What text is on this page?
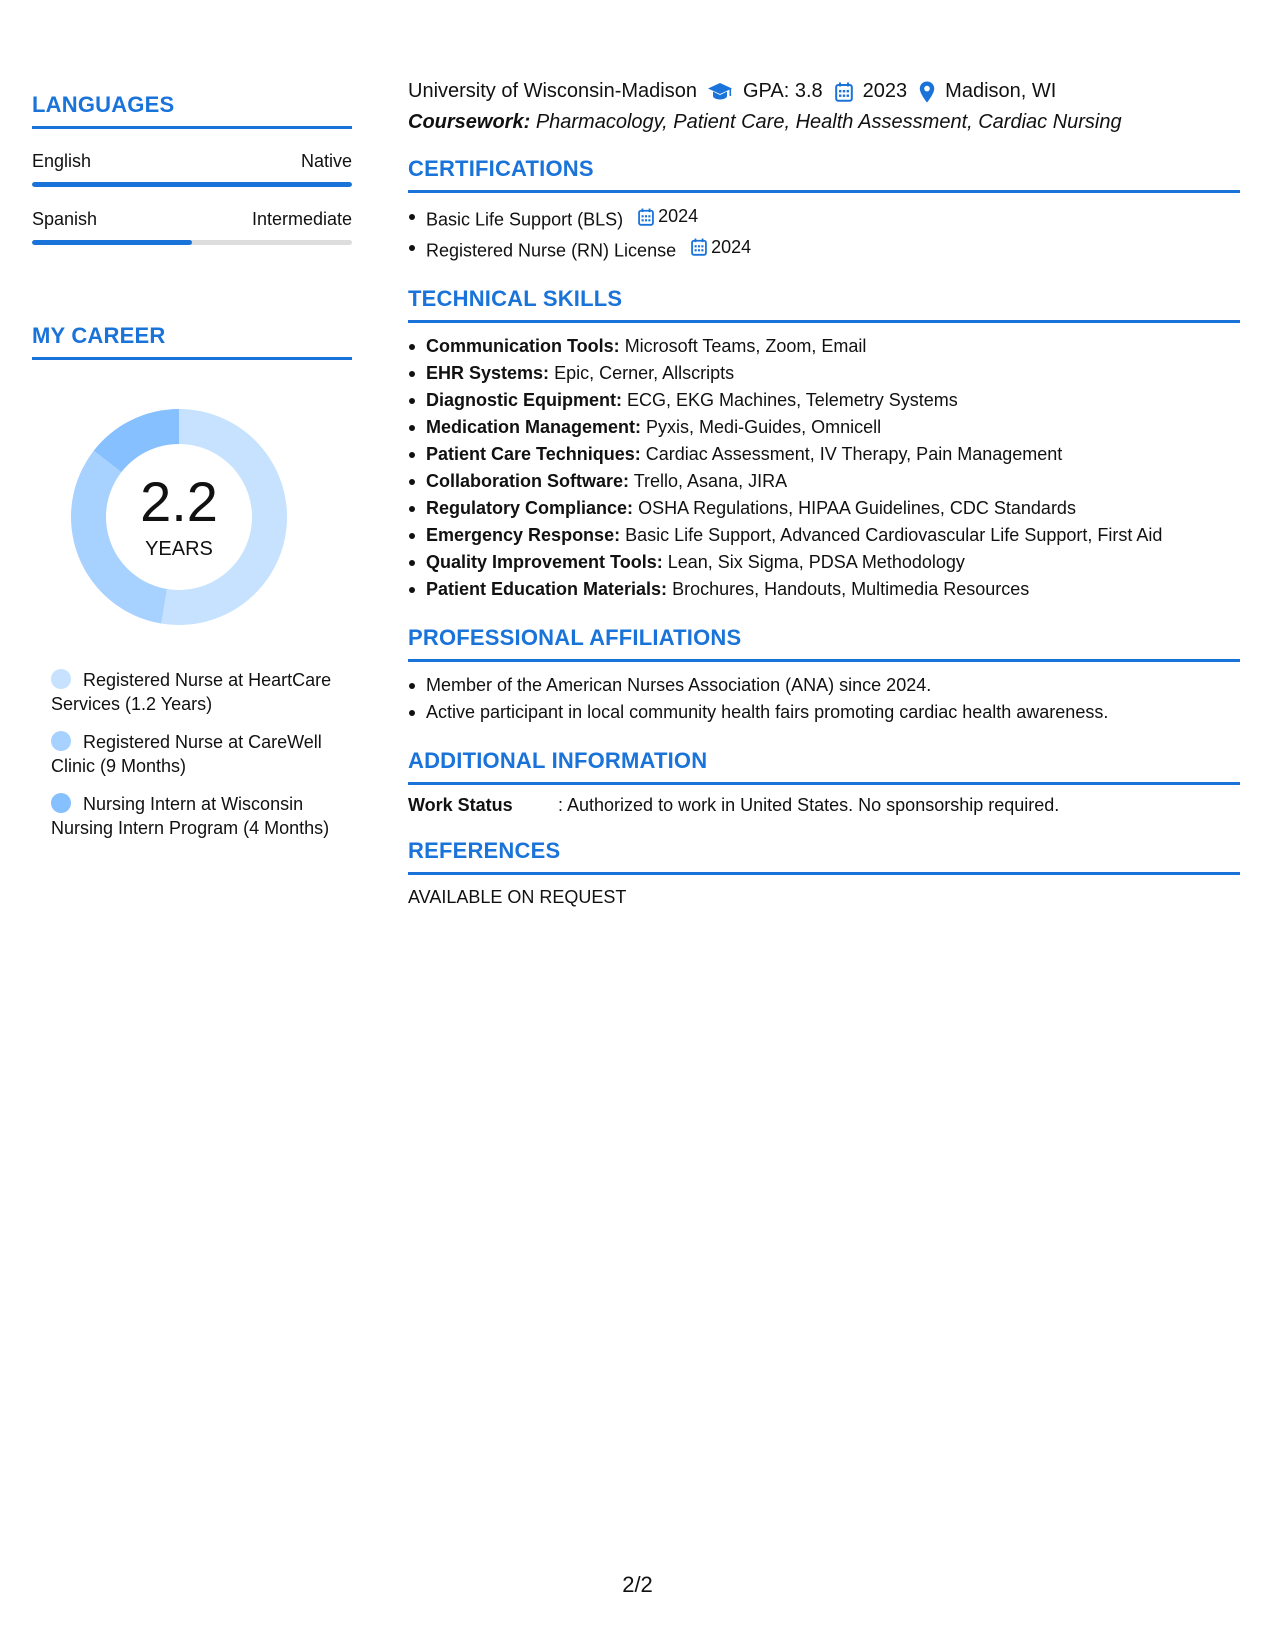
LANGUAGES
English	Native
Spanish	Intermediate
MY CAREER
2.2
YEARS
Registered Nurse at HeartCare Services (1.2 Years)
Registered Nurse at CareWell Clinic (9 Months)
Nursing Intern at Wisconsin Nursing Intern Program (4 Months)
University of Wisconsin-Madison GPA: 3.8 2023 Madison, WI
Coursework: Pharmacology, Patient Care, Health Assessment, Cardiac Nursing
CERTIFICATIONS
Basic Life Support (BLS) 2024
Registered Nurse (RN) License 2024
TECHNICAL SKILLS
Communication Tools: Microsoft Teams, Zoom, Email
EHR Systems: Epic, Cerner, Allscripts
Diagnostic Equipment: ECG, EKG Machines, Telemetry Systems
Medication Management: Pyxis, Medi-Guides, Omnicell
Patient Care Techniques: Cardiac Assessment, IV Therapy, Pain Management
Collaboration Software: Trello, Asana, JIRA
Regulatory Compliance: OSHA Regulations, HIPAA Guidelines, CDC Standards
Emergency Response: Basic Life Support, Advanced Cardiovascular Life Support, First Aid
Quality Improvement Tools: Lean, Six Sigma, PDSA Methodology
Patient Education Materials: Brochures, Handouts, Multimedia Resources
PROFESSIONAL AFFILIATIONS
Member of the American Nurses Association (ANA) since 2024.
Active participant in local community health fairs promoting cardiac health awareness.
ADDITIONAL INFORMATION
Work Status	: Authorized to work in United States. No sponsorship required.
REFERENCES
AVAILABLE ON REQUEST
2/2
